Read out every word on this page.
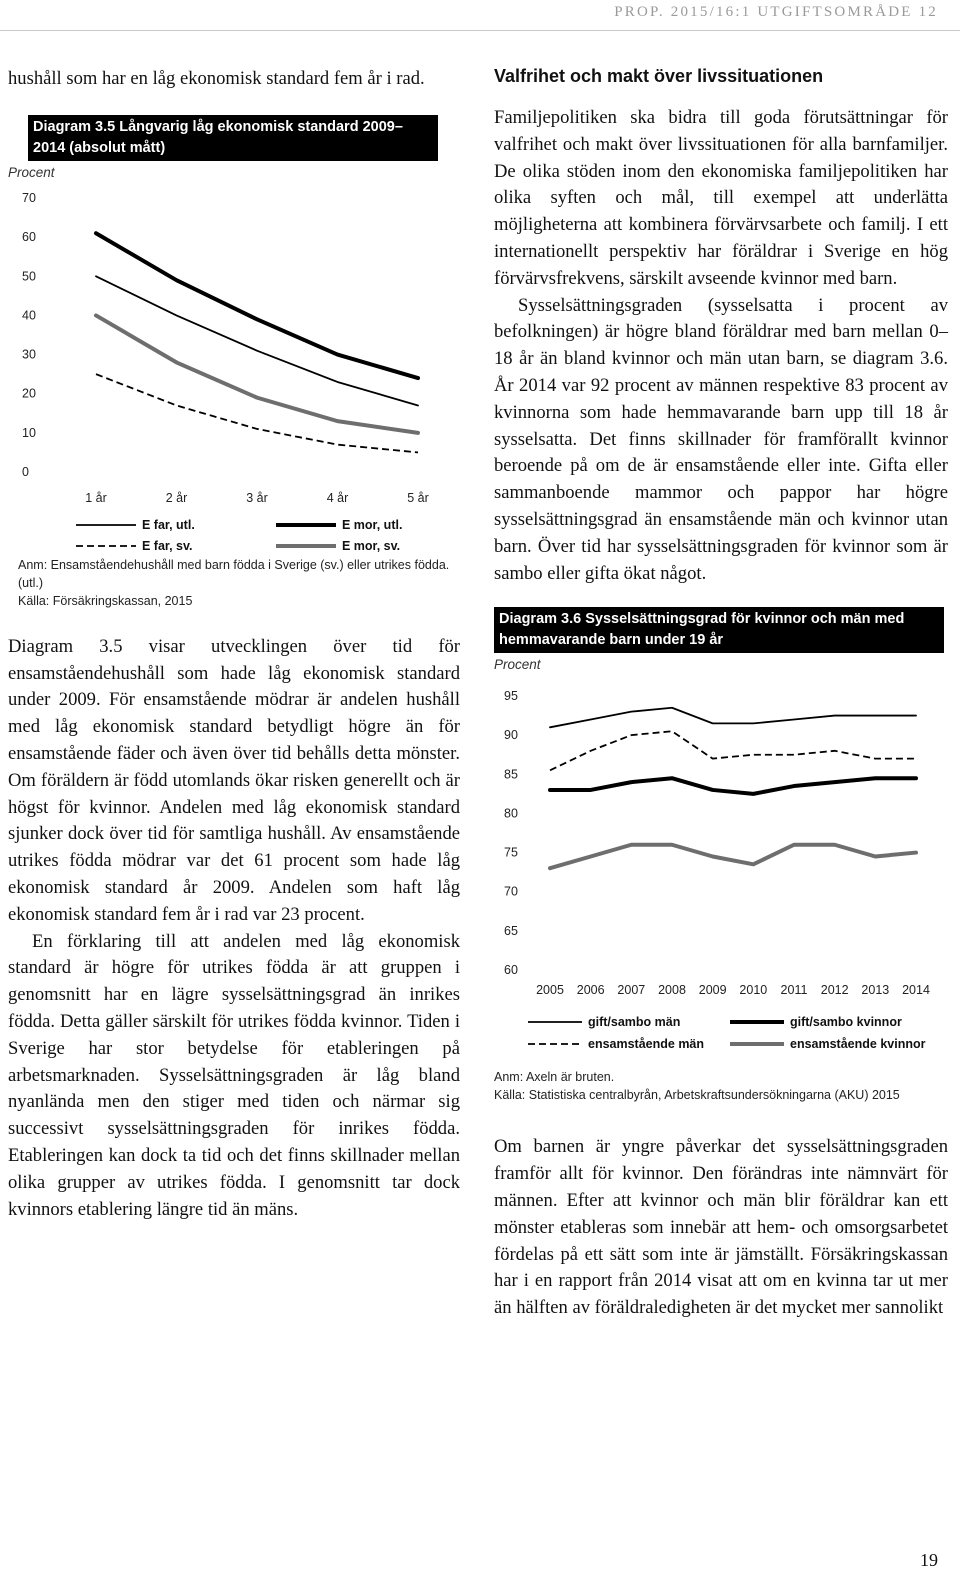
PROP. 2015/16:1 UTGIFTSOMRÅDE 12

hushåll som har en låg ekonomisk standard fem år i rad.

Diagram 3.5 Långvarig låg ekonomisk standard 2009–
2014 (absolut mått)
Procent
0
10
20
30
40
50
60
70
1 år	2 år	3 år	4 år	5 år
E far, utl.	E mor, utl.
E far, sv.	E mor, sv.
Anm: Ensamståendehushåll med barn födda i Sverige (sv.) eller utrikes födda. (utl.)
Källa: Försäkringskassan, 2015

Diagram 3.5 visar utvecklingen över tid för ensamståendehushåll som hade låg ekonomisk standard under 2009. För ensamstående mödrar är andelen hushåll med låg ekonomisk standard betydligt högre än för ensamstående fäder och även över tid behålls detta mönster. Om föräldern är född utomlands ökar risken generellt och är högst för kvinnor. Andelen med låg ekonomisk standard sjunker dock över tid för samtliga hushåll. Av ensamstående utrikes födda mödrar var det 61 procent som hade låg ekonomisk standard år 2009. Andelen som haft låg ekonomisk standard fem år i rad var 23 procent.

En förklaring till att andelen med låg ekonomisk standard är högre för utrikes födda är att gruppen i genomsnitt har en lägre sysselsättningsgrad än inrikes födda. Detta gäller särskilt för utrikes födda kvinnor. Tiden i Sverige har stor betydelse för etableringen på arbetsmarknaden. Sysselsättningsgraden är låg bland nyanlända men den stiger med tiden och närmar sig successivt sysselsättningsgraden för inrikes födda. Etableringen kan dock ta tid och det finns skillnader mellan olika grupper av utrikes födda. I genomsnitt tar dock kvinnors etablering längre tid än mäns.

Valfrihet och makt över livssituationen

Familjepolitiken ska bidra till goda förutsättningar för valfrihet och makt över livssituationen för alla barnfamiljer. De olika stöden inom den ekonomiska familjepolitiken har olika syften och mål, till exempel att underlätta möjligheterna att kombinera förvärvsarbete och familj. I ett internationellt perspektiv har föräldrar i Sverige en hög förvärvsfrekvens, särskilt avseende kvinnor med barn.

Sysselsättningsgraden (sysselsatta i procent av befolkningen) är högre bland föräldrar med barn mellan 0–18 år än bland kvinnor och män utan barn, se diagram 3.6. År 2014 var 92 procent av männen respektive 83 procent av kvinnorna som hade hemmavarande barn upp till 18 år sysselsatta. Det finns skillnader för framförallt kvinnor beroende på om de är ensamstående eller inte. Gifta eller sammanboende mammor och pappor har högre sysselsättningsgrad än ensamstående män och kvinnor utan barn. Över tid har sysselsättningsgraden för kvinnor som är sambo eller gifta ökat något.

Diagram 3.6 Sysselsättningsgrad för kvinnor och män med
hemmavarande barn under 19 år
Procent
60
65
70
75
80
85
90
95
2005 2006 2007 2008 2009 2010 2011 2012 2013 2014
gift/sambo män	gift/sambo kvinnor
ensamstående män	ensamstående kvinnor
Anm: Axeln är bruten.
Källa: Statistiska centralbyrån, Arbetskraftsundersökningarna (AKU) 2015

Om barnen är yngre påverkar det sysselsättningsgraden framför allt för kvinnor. Den förändras inte nämnvärt för männen. Efter att kvinnor och män blir föräldrar kan ett mönster etableras som innebär att hem- och omsorgsarbetet fördelas på ett sätt som inte är jämställt. Försäkringskassan har i en rapport från 2014 visat att om en kvinna tar ut mer än hälften av föräldraledigheten är det mycket mer sannolikt

19
